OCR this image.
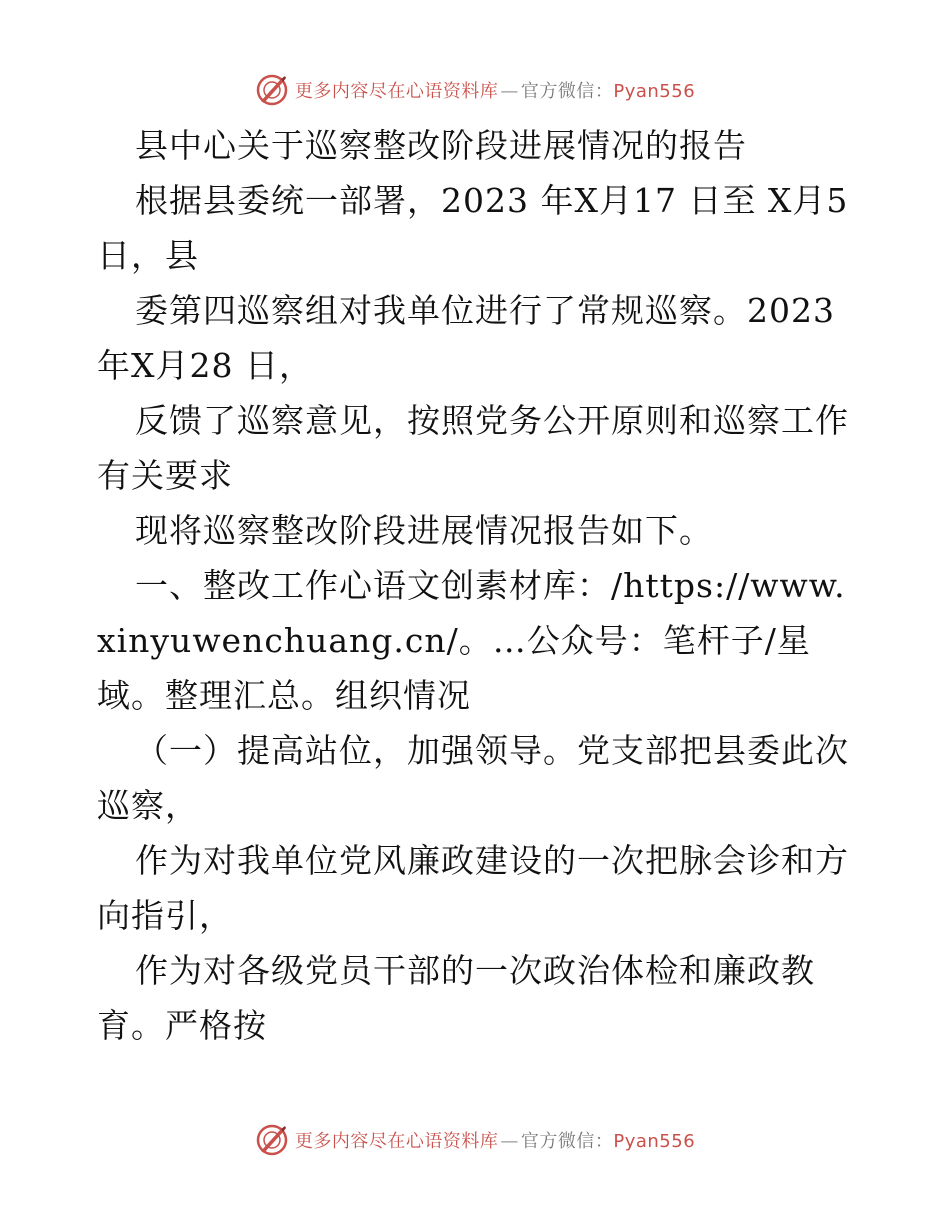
更多内容尽在心语资料库 — 官方微信：Pyan556

县中心关于巡察整改阶段进展情况的报告

根据县委统一部署，2023 年X月17 日至 X月5 日，县

委第四巡察组对我单位进行了常规巡察。2023 年X月28 日，

反馈了巡察意见，按照党务公开原则和巡察工作有关要求

现将巡察整改阶段进展情况报告如下。

一、整改工作心语文创素材库：/https://www.xinyuwenchuang.cn/。…公众号：笔杆子/星域。整理汇总。组织情况

（一）提高站位，加强领导。党支部把县委此次巡察，

作为对我单位党风廉政建设的一次把脉会诊和方向指引，

作为对各级党员干部的一次政治体检和廉政教育。严格按

更多内容尽在心语资料库 — 官方微信：Pyan556
